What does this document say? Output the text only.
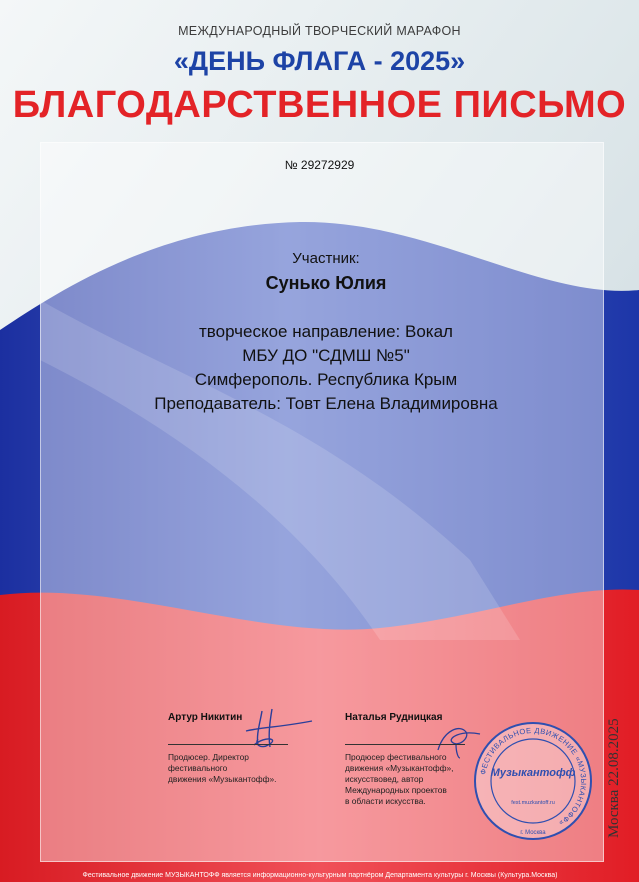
МЕЖДУНАРОДНЫЙ ТВОРЧЕСКИЙ МАРАФОН
«ДЕНЬ ФЛАГА - 2025»
БЛАГОДАРСТВЕННОЕ ПИСЬМО
№ 29272929
Участник:
Сунько Юлия
творческое направление: Вокал
МБУ ДО "СДМШ №5"
Симферополь. Республика Крым
Преподаватель: Товт Елена Владимировна
Артур Никитин
Продюсер. Директор
фестивального
движения «Музыкантофф».
Наталья Рудницкая
Продюсер фестивального
движения «Музыкантофф»,
искусствовед, автор
Международных проектов
в области искусства.
ФЕСТИВАЛЬНОЕ ДВИЖЕНИЕ «МУЗЫКАНТОФФ»
Музыкантофф
fest.muzkantoff.ru
г. Москва	Москва 22.08.2025
Фестивальное движение МУЗЫКАНТОФФ является информационно-культурным партнёром Департамента культуры г. Москвы (Культура.Москва)
